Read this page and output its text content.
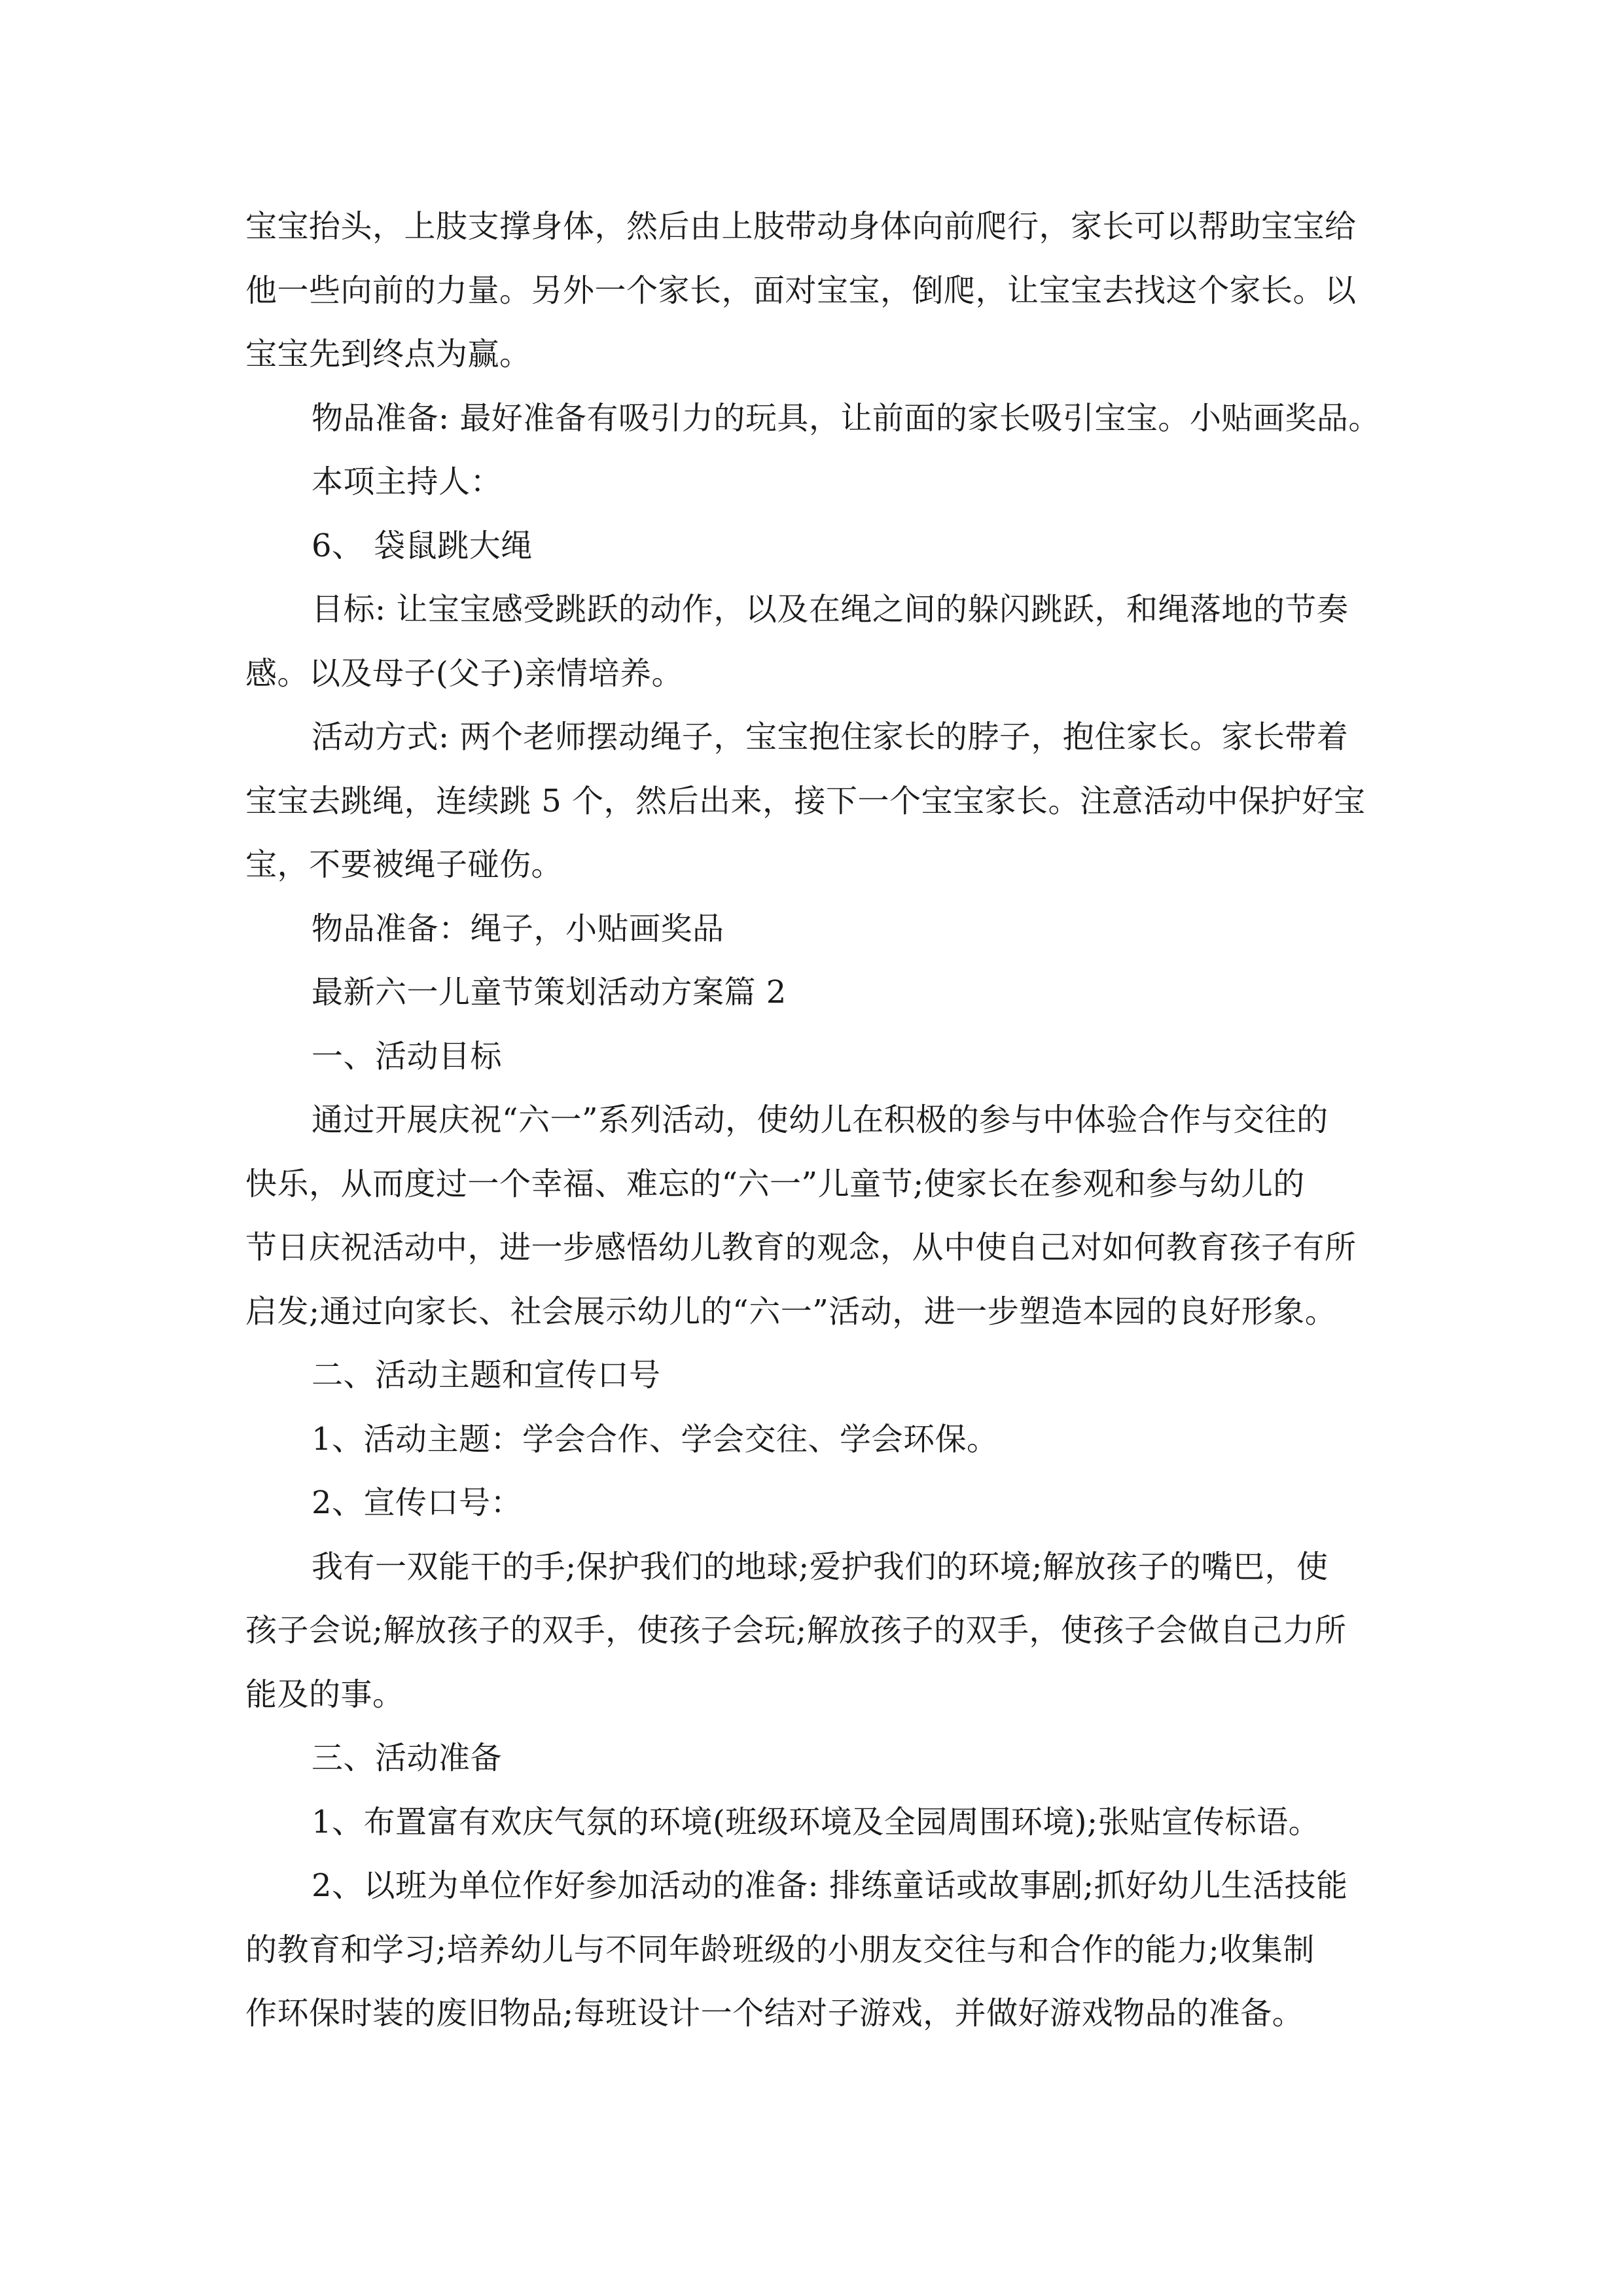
宝宝抬头，上肢支撑身体，然后由上肢带动身体向前爬行，家长可以帮助宝宝给
他一些向前的力量。另外一个家长，面对宝宝，倒爬，让宝宝去找这个家长。以
宝宝先到终点为赢。
物品准备: 最好准备有吸引力的玩具，让前面的家长吸引宝宝。小贴画奖品。
本项主持人：
6、 袋鼠跳大绳
目标: 让宝宝感受跳跃的动作，以及在绳之间的躲闪跳跃，和绳落地的节奏
感。以及母子(父子)亲情培养。
活动方式: 两个老师摆动绳子，宝宝抱住家长的脖子，抱住家长。家长带着
宝宝去跳绳，连续跳 5 个，然后出来，接下一个宝宝家长。注意活动中保护好宝
宝，不要被绳子碰伤。
物品准备：绳子，小贴画奖品
最新六一儿童节策划活动方案篇 2
一、活动目标
通过开展庆祝“六一”系列活动，使幼儿在积极的参与中体验合作与交往的
快乐，从而度过一个幸福、难忘的“六一”儿童节;使家长在参观和参与幼儿的
节日庆祝活动中，进一步感悟幼儿教育的观念，从中使自己对如何教育孩子有所
启发;通过向家长、社会展示幼儿的“六一”活动，进一步塑造本园的良好形象。
二、活动主题和宣传口号
1、活动主题：学会合作、学会交往、学会环保。
2、宣传口号：
我有一双能干的手;保护我们的地球;爱护我们的环境;解放孩子的嘴巴，使
孩子会说;解放孩子的双手，使孩子会玩;解放孩子的双手，使孩子会做自己力所
能及的事。
三、活动准备
1、布置富有欢庆气氛的环境(班级环境及全园周围环境);张贴宣传标语。
2、以班为单位作好参加活动的准备: 排练童话或故事剧;抓好幼儿生活技能
的教育和学习;培养幼儿与不同年龄班级的小朋友交往与和合作的能力;收集制
作环保时装的废旧物品;每班设计一个结对子游戏，并做好游戏物品的准备。
